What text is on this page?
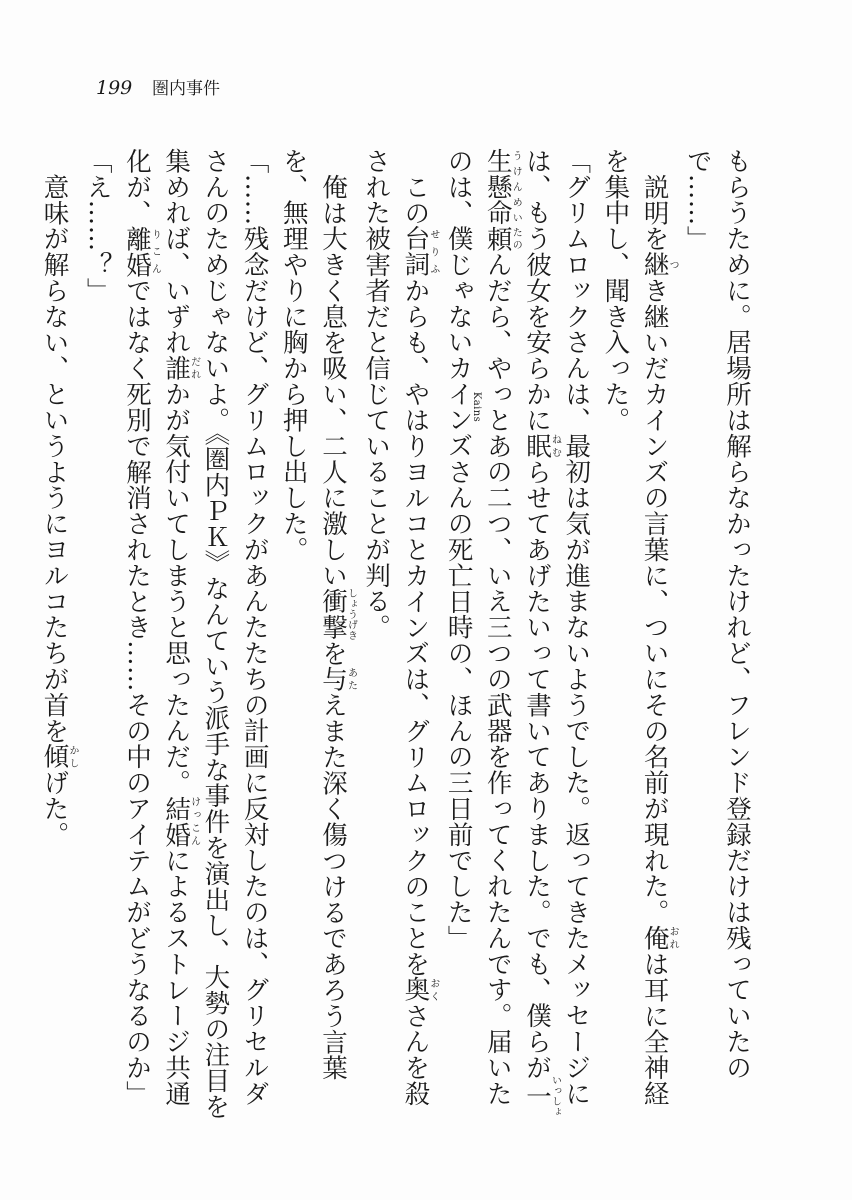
199 圏内事件

もらうために。居場所は解らなかったけれど、フレンド登録だけは残っていたので……」

説明を継つき継いだカインズの言葉に、ついにその名前が現れた。俺おれは耳に全神経を集中し、聞き入った。

「グリムロックさんは、最初は気が進まないようでした。返ってきたメッセージには、もう彼女を安らかに眠ねむらせてあげたいって書いてありました。でも、僕らが一生懸命いっしょうけんめい頼たのんだら、やっとあの二つ、いえ三つの武器を作ってくれたんです。届いたのは、僕じゃないカインズKainsさんの死亡日時の、ほんの三日前でした」

この台詞せりふからも、やはりヨルコとカインズは、グリムロックのことを奥おくさんを殺された被害者だと信じていることが判る。

俺は大きく息を吸い、二人に激しい衝撃しょうげきを与あたえまた深く傷つけるであろう言葉を、無理やりに胸から押し出した。

「……残念だけど、グリムロックがあんたたちの計画に反対したのは、グリセルダさんのためじゃないよ。《圏内ＰＫ》なんていう派手な事件を演出し、大勢の注目を集めれば、いずれ誰だれかが気付いてしまうと思ったんだ。結婚けっこんによるストレージ共通化が、離婚りこんではなく死別で解消されたとき……その中のアイテムがどうなるのか」

「え……？」

意味が解らない、というようにヨルコたちが首を傾かしげた。
